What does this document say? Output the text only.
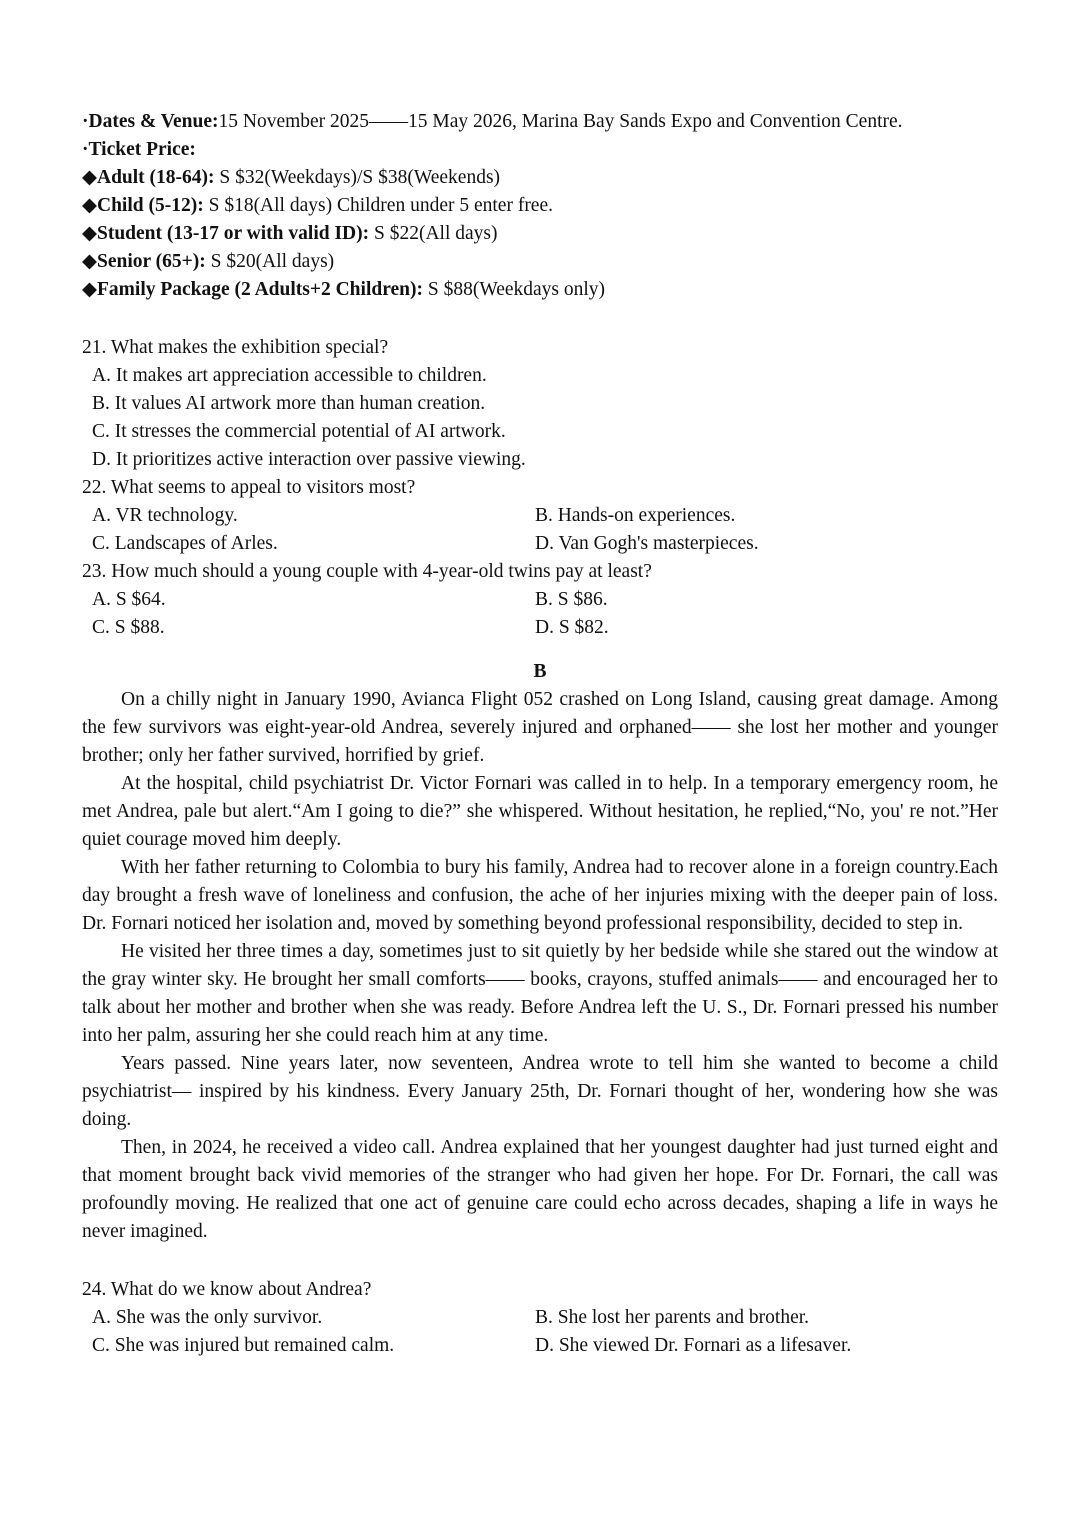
·Dates & Venue:15 November 2025——15 May 2026, Marina Bay Sands Expo and Convention Centre.
·Ticket Price:
◆Adult (18-64): S $32(Weekdays)/S $38(Weekends)
◆Child (5-12): S $18(All days) Children under 5 enter free.
◆Student (13-17 or with valid ID): S $22(All days)
◆Senior (65+): S $20(All days)
◆Family Package (2 Adults+2 Children): S $88(Weekdays only)
21. What makes the exhibition special?
A. It makes art appreciation accessible to children.
B. It values AI artwork more than human creation.
C. It stresses the commercial potential of AI artwork.
D. It prioritizes active interaction over passive viewing.
22. What seems to appeal to visitors most?
A. VR technology.	B. Hands-on experiences.
C. Landscapes of Arles.	D. Van Gogh's masterpieces.
23. How much should a young couple with 4-year-old twins pay at least?
A. S $64.	B. S $86.
C. S $88.	D. S $82.
B

On a chilly night in January 1990, Avianca Flight 052 crashed on Long Island, causing great damage. Among the few survivors was eight-year-old Andrea, severely injured and orphaned—— she lost her mother and younger brother; only her father survived, horrified by grief.

At the hospital, child psychiatrist Dr. Victor Fornari was called in to help. In a temporary emergency room, he met Andrea, pale but alert.“Am I going to die?” she whispered. Without hesitation, he replied,“No, you' re not.”Her quiet courage moved him deeply.

With her father returning to Colombia to bury his family, Andrea had to recover alone in a foreign country.Each day brought a fresh wave of loneliness and confusion, the ache of her injuries mixing with the deeper pain of loss. Dr. Fornari noticed her isolation and, moved by something beyond professional responsibility, decided to step in.

He visited her three times a day, sometimes just to sit quietly by her bedside while she stared out the window at the gray winter sky. He brought her small comforts—— books, crayons, stuffed animals—— and encouraged her to talk about her mother and brother when she was ready. Before Andrea left the U. S., Dr. Fornari pressed his number into her palm, assuring her she could reach him at any time.

Years passed. Nine years later, now seventeen, Andrea wrote to tell him she wanted to become a child psychiatrist— inspired by his kindness. Every January 25th, Dr. Fornari thought of her, wondering how she was doing.

Then, in 2024, he received a video call. Andrea explained that her youngest daughter had just turned eight and that moment brought back vivid memories of the stranger who had given her hope. For Dr. Fornari, the call was profoundly moving. He realized that one act of genuine care could echo across decades, shaping a life in ways he never imagined.

24. What do we know about Andrea?
A. She was the only survivor.	B. She lost her parents and brother.
C. She was injured but remained calm.	D. She viewed Dr. Fornari as a lifesaver.
